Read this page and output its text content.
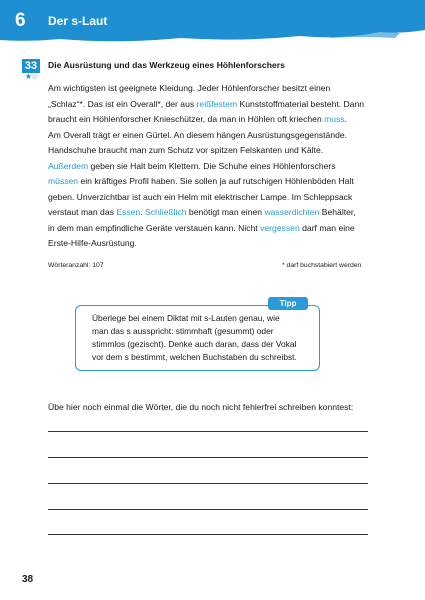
6 Der s-Laut
33
★☆
Die Ausrüstung und das Werkzeug eines Höhlenforschers
Am wichtigsten ist geeignete Kleidung. Jeder Höhlenforscher besitzt einen
„Schlaz“*. Das ist ein Overall*, der aus reißfestem Kunststoffmaterial besteht. Dann
braucht ein Höhlenforscher Knieschützer, da man in Höhlen oft kriechen muss.
Am Overall trägt er einen Gürtel. An diesem hängen Ausrüstungsgegenstände.
Handschuhe braucht man zum Schutz vor spitzen Felskanten und Kälte.
Außerdem geben sie Halt beim Klettern. Die Schuhe eines Höhlenforschers
müssen ein kräftiges Profil haben. Sie sollen ja auf rutschigen Höhlenböden Halt
geben. Unverzichtbar ist auch ein Helm mit elektrischer Lampe. Im Schleppsack
verstaut man das Essen. Schließlich benötigt man einen wasserdichten Behälter,
in dem man empfindliche Geräte verstauen kann. Nicht vergessen darf man eine
Erste-Hilfe-Ausrüstung.
Wörteranzahl: 107	* darf buchstabiert werden
Tipp
Überlege bei einem Diktat mit s-Lauten genau, wie
man das s ausspricht: stimmhaft (gesummt) oder
stimmlos (gezischt). Denke auch daran, dass der Vokal
vor dem s bestimmt, welchen Buchstaben du schreibst.
Übe hier noch einmal die Wörter, die du noch nicht fehlerfrei schreiben konntest:
38
